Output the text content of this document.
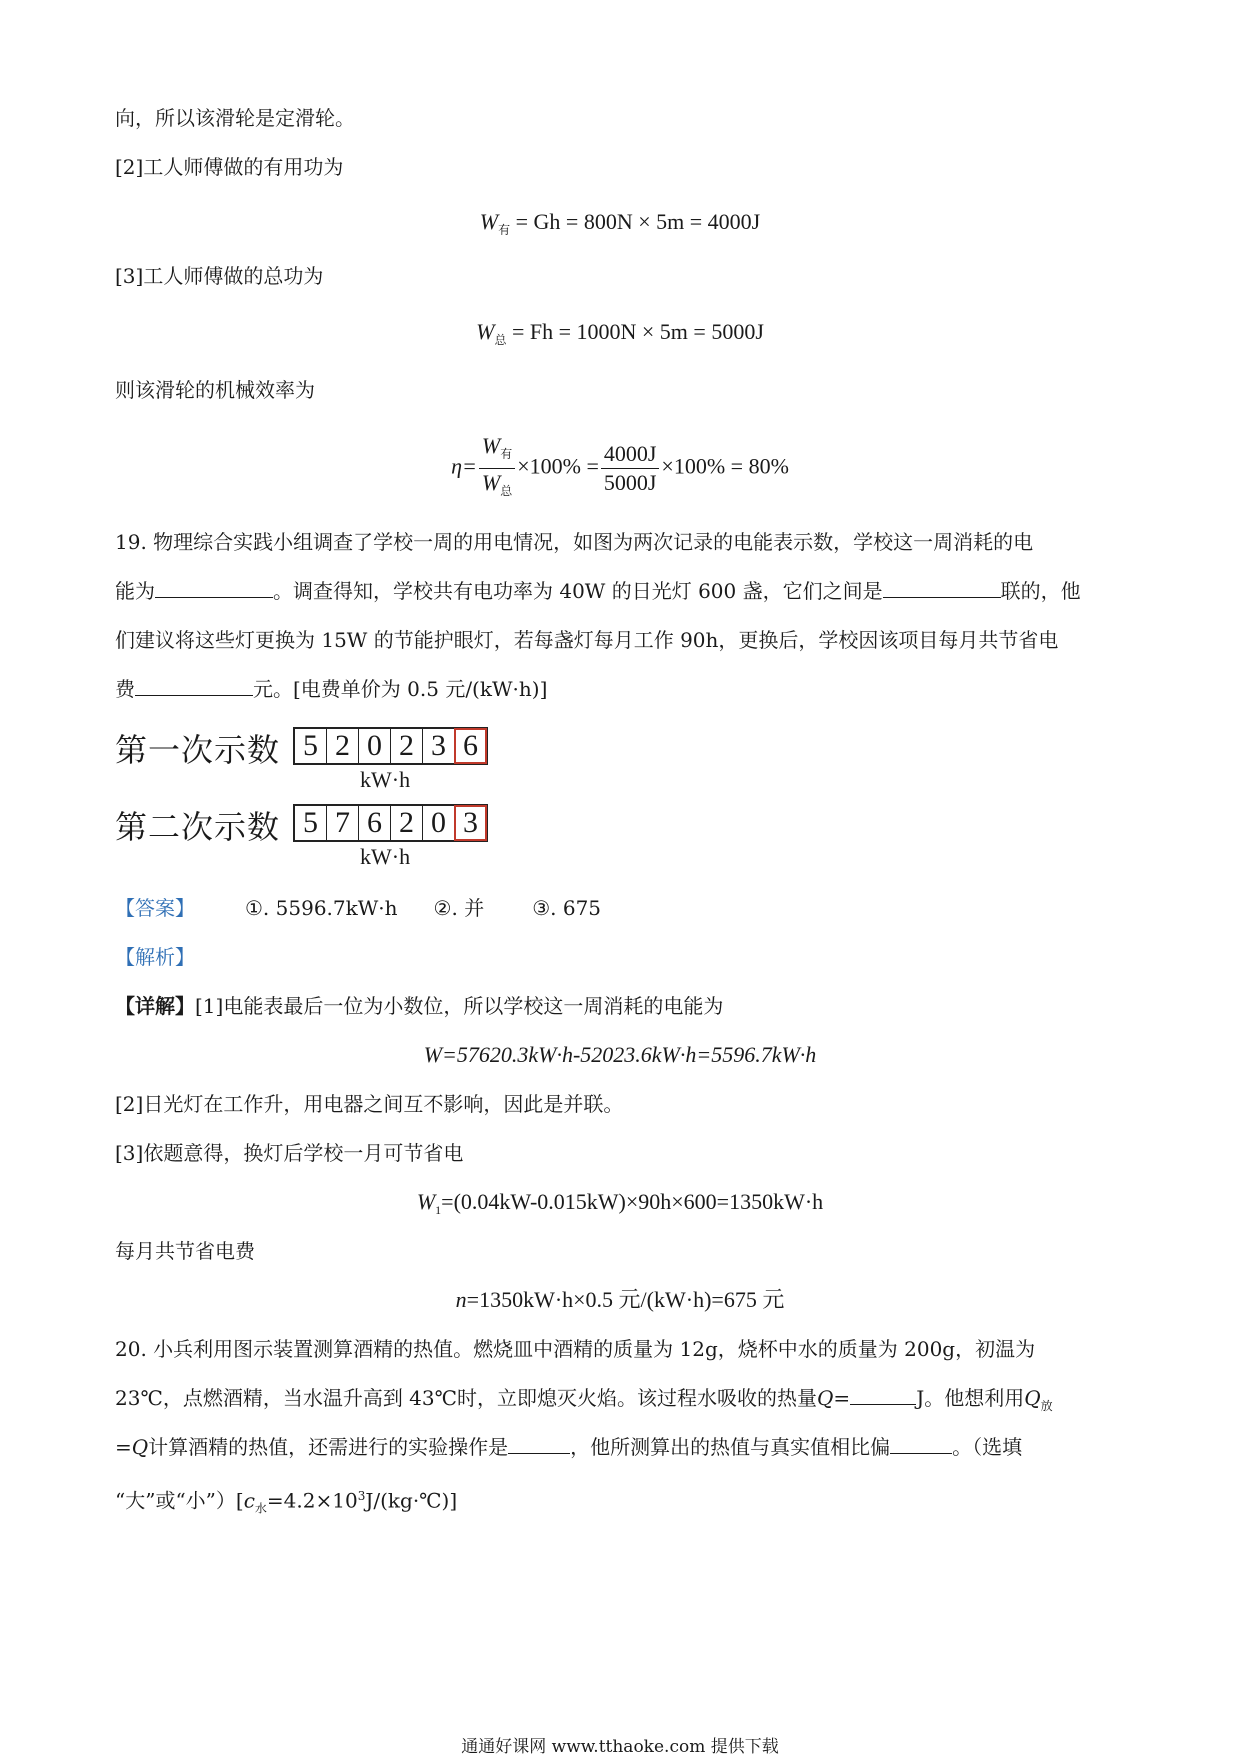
向，所以该滑轮是定滑轮。
[2]工人师傅做的有用功为
$W_有 = Gh = 800N \times 5m = 4000J$
[3]工人师傅做的总功为
$W_总 = Fh = 1000N \times 5m = 5000J$
则该滑轮的机械效率为
$\eta= \frac{W_有}{W_总} \times 100\% = \frac{4000J}{5000J} \times 100\% = 80\%$
19. 物理综合实践小组调查了学校一周的用电情况，如图为两次记录的电能表示数，学校这一周消耗的电
能为	。调查得知，学校共有电功率为 40W 的日光灯 600 盏，它们之间是	联的，他
们建议将这些灯更换为 15W 的节能护眼灯，若每盏灯每月工作 90h，更换后，学校因该项目每月共节省电
费	元。[电费单价为 0.5 元/(kW·h)]
第一次示数 5 2 0 2 3 6
kW·h
第二次示数 5 7 6 2 0 3
kW·h
【答案】	①. 5596.7kW·h ②. 并 ③. 675
【解析】
【详解】[1]电能表最后一位为小数位，所以学校这一周消耗的电能为
W=57620.3kW·h-52023.6kW·h=5596.7kW·h
[2]日光灯在工作升，用电器之间互不影响，因此是并联。
[3]依题意得，换灯后学校一月可节省电
$W_1=(0.04kW-0.015kW)\times 90h\times 600=1350kW\cdot h$
每月共节省电费
n=1350kW·h×0.5 元/(kW·h)=675 元
20. 小兵利用图示装置测算酒精的热值。燃烧皿中酒精的质量为 12g，烧杯中水的质量为 200g，初温为
23℃，点燃酒精，当水温升高到 43℃时，立即熄灭火焰。该过程水吸收的热量Q=	J。他想利用$Q_放$
=Q计算酒精的热值，还需进行的实验操作是	，他所测算出的热值与真实值相比偏	。（选填
“大”或“小$”)[c_水=4.2\times 10^3J/(kg\cdot℃)]$
通通好课网 www.tthaoke.com 提供下载
